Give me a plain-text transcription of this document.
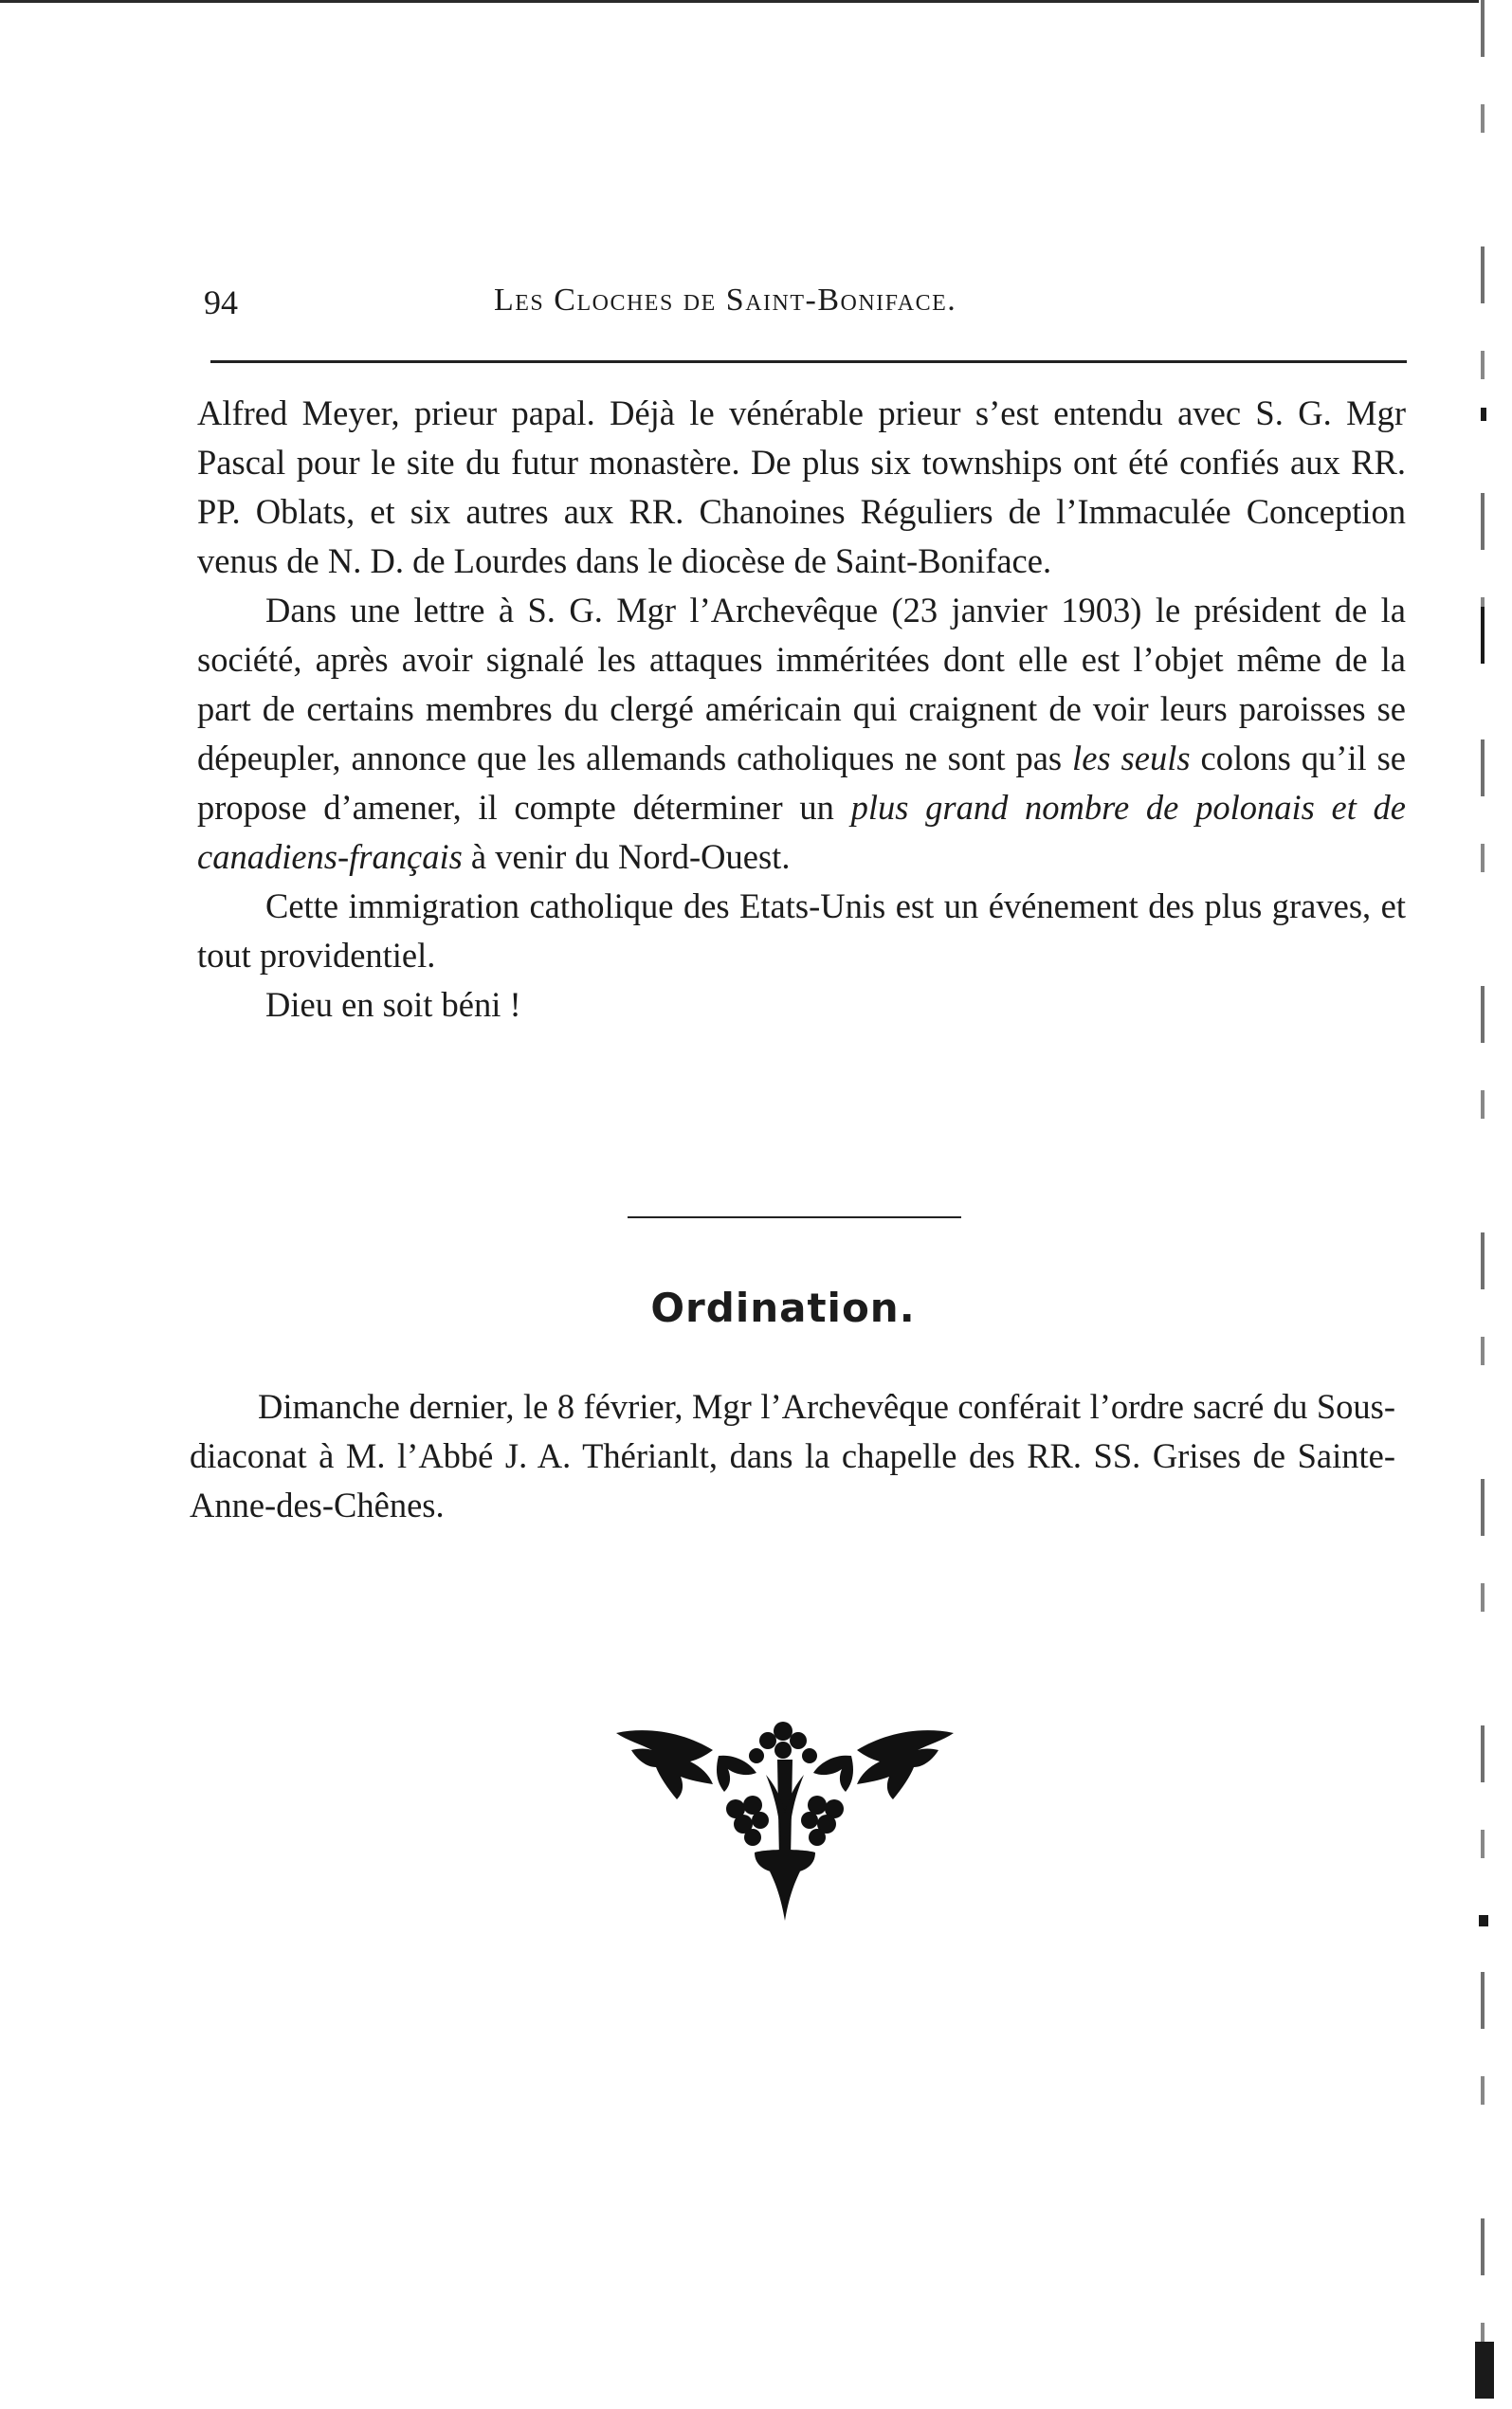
94	Les Cloches de Saint-Boniface.

Alfred Meyer, prieur papal. Déjà le vénérable prieur s’est entendu avec S. G. Mgr Pascal pour le site du futur monastère. De plus six townships ont été confiés aux RR. PP. Oblats, et six autres aux RR. Chanoines Réguliers de l’Immaculée Conception venus de N. D. de Lourdes dans le diocèse de Saint-Boniface.

Dans une lettre à S. G. Mgr l’Archevêque (23 janvier 1903) le président de la société, après avoir signalé les attaques imméritées dont elle est l’objet même de la part de certains membres du clergé américain qui craignent de voir leurs paroisses se dépeupler, annonce que les allemands catholiques ne sont pas les seuls colons qu’il se propose d’amener, il compte déterminer un plus grand nombre de polonais et de canadiens-français à venir du Nord-Ouest.

Cette immigration catholique des Etats-Unis est un événement des plus graves, et tout providentiel.

Dieu en soit béni !

Ordination.

Dimanche dernier, le 8 février, Mgr l’Archevêque conférait l’ordre sacré du Sous-diaconat à M. l’Abbé J. A. Thérianlt, dans la chapelle des RR. SS. Grises de Sainte-Anne-des-Chênes.
